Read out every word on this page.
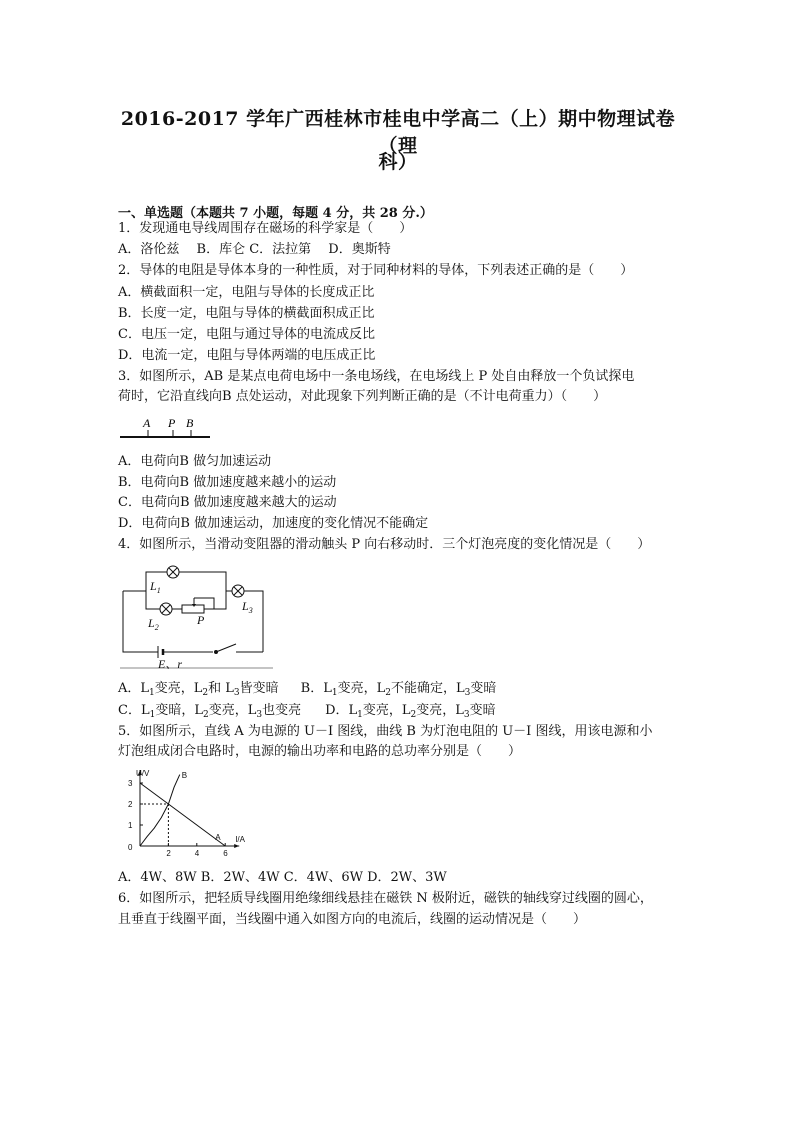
2016-2017 学年广西桂林市桂电中学高二（上）期中物理试卷（理
科）
一、单选题（本题共 7 小题，每题 4 分，共 28 分.）
1．发现通电导线周围存在磁场的科学家是（　　）
A．洛伦兹　 B．库仑 C．法拉第　 D．奥斯特
2．导体的电阻是导体本身的一种性质，对于同种材料的导体，下列表述正确的是（　　）
A．横截面积一定，电阻与导体的长度成正比
B．长度一定，电阻与导体的横截面积成正比
C．电压一定，电阻与通过导体的电流成反比
D．电流一定，电阻与导体两端的电压成正比
3．如图所示，AB 是某点电荷电场中一条电场线，在电场线上 P 处自由释放一个负试探电
荷时，它沿直线向B 点处运动，对此现象下列判断正确的是（不计电荷重力）（　　）
A P B
A．电荷向B 做匀加速运动
B．电荷向B 做加速度越来越小的运动
C．电荷向B 做加速度越来越大的运动
D．电荷向B 做加速运动，加速度的变化情况不能确定
4．如图所示，当滑动变阻器的滑动触头 P 向右移动时．三个灯泡亮度的变化情况是（　　）
$L_1$
$L_2$
P
$L_3$
E、r
A．$L_1$变亮，$L_2$和 $L_3$皆变暗 B．$L_1$变亮，$L_2$不能确定，$L_3$变暗
C．$L_1$变暗，$L_2$变亮，$L_3$也变亮 D．$L_1$变亮，$L_2$变亮，$L_3$变暗
5．如图所示，直线 A 为电源的 U－I 图线，曲线 B 为灯泡电阻的 U－I 图线，用该电源和小
灯泡组成闭合电路时，电源的输出功率和电路的总功率分别是（　　）
U/V
I/A
0
2	4	6
1
2
3
A
B
A．4W、8W B．2W、4W C．4W、6W D．2W、3W
6．如图所示，把轻质导线圈用绝缘细线悬挂在磁铁 N 极附近，磁铁的轴线穿过线圈的圆心，
且垂直于线圈平面，当线圈中通入如图方向的电流后，线圈的运动情况是（　　）
